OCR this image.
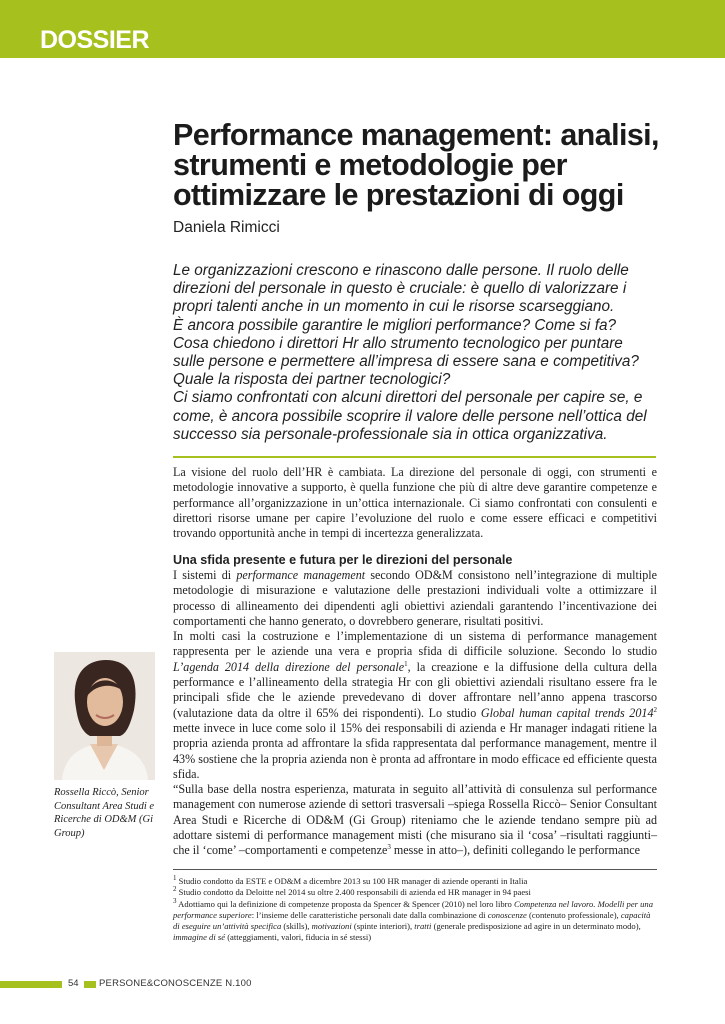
DOSSIER
Performance management: analisi, strumenti e metodologie per ottimizzare le prestazioni di oggi
Daniela Rimicci

Le organizzazioni crescono e rinascono dalle persone. Il ruolo delle direzioni del personale in questo è cruciale: è quello di valorizzare i propri talenti anche in un momento in cui le risorse scarseggiano.

È ancora possibile garantire le migliori performance? Come si fa?

Cosa chiedono i direttori Hr allo strumento tecnologico per puntare sulle persone e permettere all’impresa di essere sana e competitiva? Quale la risposta dei partner tecnologici?

Ci siamo confrontati con alcuni direttori del personale per capire se, e come, è ancora possibile scoprire il valore delle persone nell’ottica del successo sia personale-professionale sia in ottica organizzativa.

La visione del ruolo dell’HR è cambiata. La direzione del personale di oggi, con strumenti e metodologie innovative a supporto, è quella funzione che più di altre deve garantire competenze e performance all’organizzazione in un’ottica internazionale. Ci siamo confrontati con consulenti e direttori risorse umane per capire l’evoluzione del ruolo e come essere efficaci e competitivi trovando opportunità anche in tempi di incertezza generalizzata.
Una sfida presente e futura per le direzioni del personale

I sistemi di performance management secondo OD&M consistono nell’integrazione di multiple metodologie di misurazione e valutazione delle prestazioni individuali volte a ottimizzare il processo di allineamento dei dipendenti agli obiettivi aziendali garantendo l’incentivazione dei comportamenti che hanno generato, o dovrebbero generare, risultati positivi.

In molti casi la costruzione e l’implementazione di un sistema di performance management rappresenta per le aziende una vera e propria sfida di difficile soluzione. Secondo lo studio L’agenda 2014 della direzione del personale$^1$, la creazione e la diffusione della cultura della performance e l’allineamento della strategia Hr con gli obiettivi aziendali risultano essere fra le principali sfide che le aziende prevedevano di dover affrontare nell’anno appena trascorso (valutazione data da oltre il 65% dei rispondenti). Lo studio Global human capital trends 2014$^2$ mette invece in luce come solo il 15% dei responsabili di azienda e Hr manager indagati ritiene la propria azienda pronta ad affrontare la sfida rappresentata dal performance management, mentre il 43% sostiene che la propria azienda non è pronta ad affrontare in modo efficace ed efficiente questa sfida.

“Sulla base della nostra esperienza, maturata in seguito all’attività di consulenza sul performance management con numerose aziende di settori trasversali –spiega Rossella Riccò– Senior Consultant Area Studi e Ricerche di OD&M (Gi Group) riteniamo che le aziende tendano sempre più ad adottare sistemi di performance management misti (che misurano sia il ‘cosa’ –risultati raggiunti– che il ‘come’ –comportamenti e competenze$^3$ messe in atto–), definiti collegando le performance

Rossella Riccò, Senior Consultant Area Studi e Ricerche di OD&M (Gi Group)

$^1$ Studio condotto da ESTE e OD&M a dicembre 2013 su 100 HR manager di aziende operanti in Italia

$^2$ Studio condotto da Deloitte nel 2014 su oltre 2.400 responsabili di azienda ed HR manager in 94 paesi

$^3$ Adottiamo qui la definizione di competenze proposta da Spencer & Spencer (2010) nel loro libro Competenza nel lavoro. Modelli per una performance superiore: l’insieme delle caratteristiche personali date dalla combinazione di conoscenze (contenuto professionale), capacità di eseguire un’attività specifica (skills), motivazioni (spinte interiori), tratti (generale predisposizione ad agire in un determinato modo), immagine di sé (atteggiamenti, valori, fiducia in sé stessi)

54 PERSONE&CONOSCENZE N.100
